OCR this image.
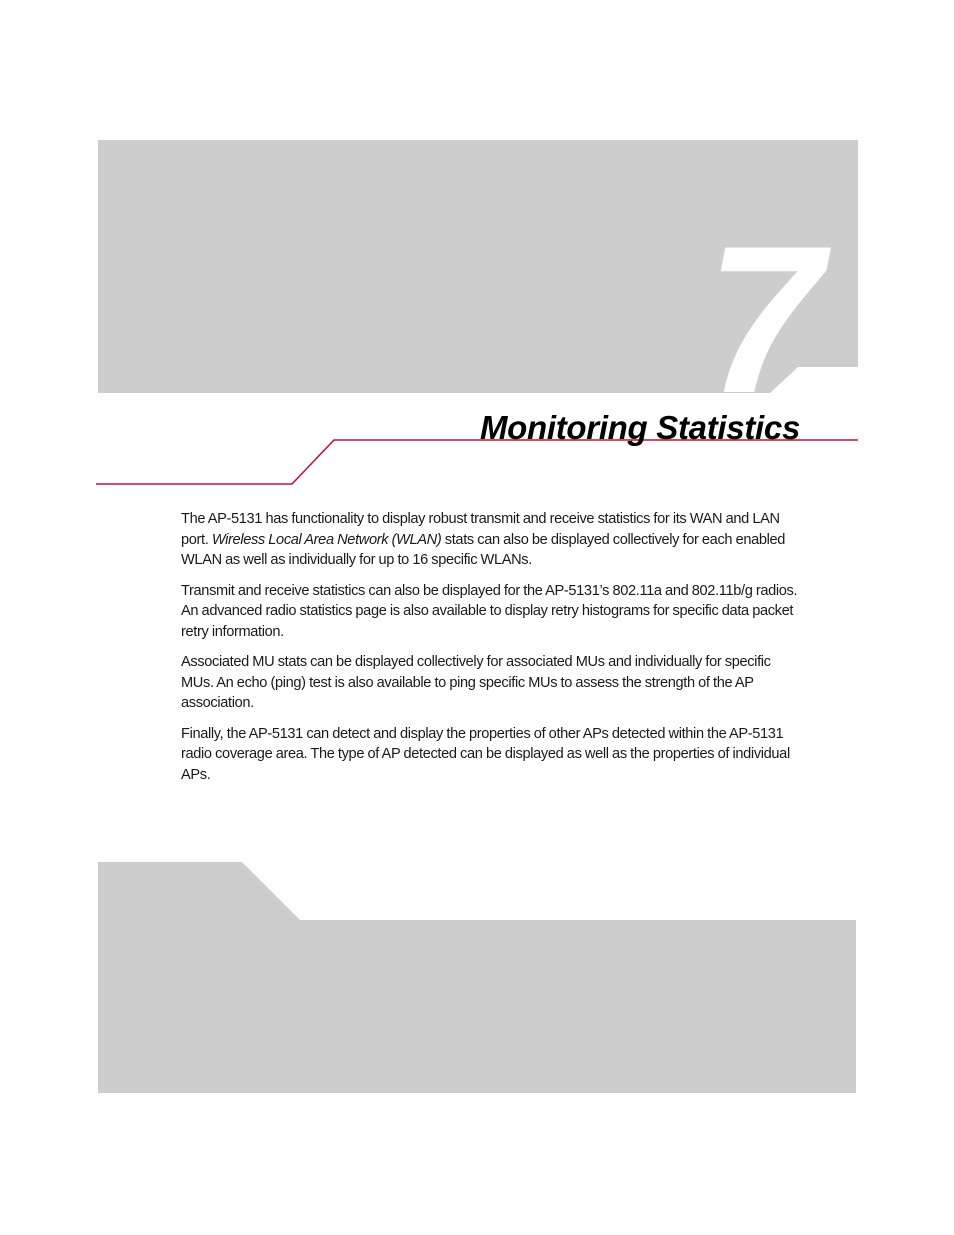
7
Monitoring Statistics

The AP-5131 has functionality to display robust transmit and receive statistics for its WAN and LAN port. Wireless Local Area Network (WLAN) stats can also be displayed collectively for each enabled WLAN as well as individually for up to 16 specific WLANs.

Transmit and receive statistics can also be displayed for the AP-5131’s 802.11a and 802.11b/g radios. An advanced radio statistics page is also available to display retry histograms for specific data packet retry information.

Associated MU stats can be displayed collectively for associated MUs and individually for specific MUs. An echo (ping) test is also available to ping specific MUs to assess the strength of the AP association.

Finally, the AP-5131 can detect and display the properties of other APs detected within the AP-5131 radio coverage area. The type of AP detected can be displayed as well as the properties of individual APs.
